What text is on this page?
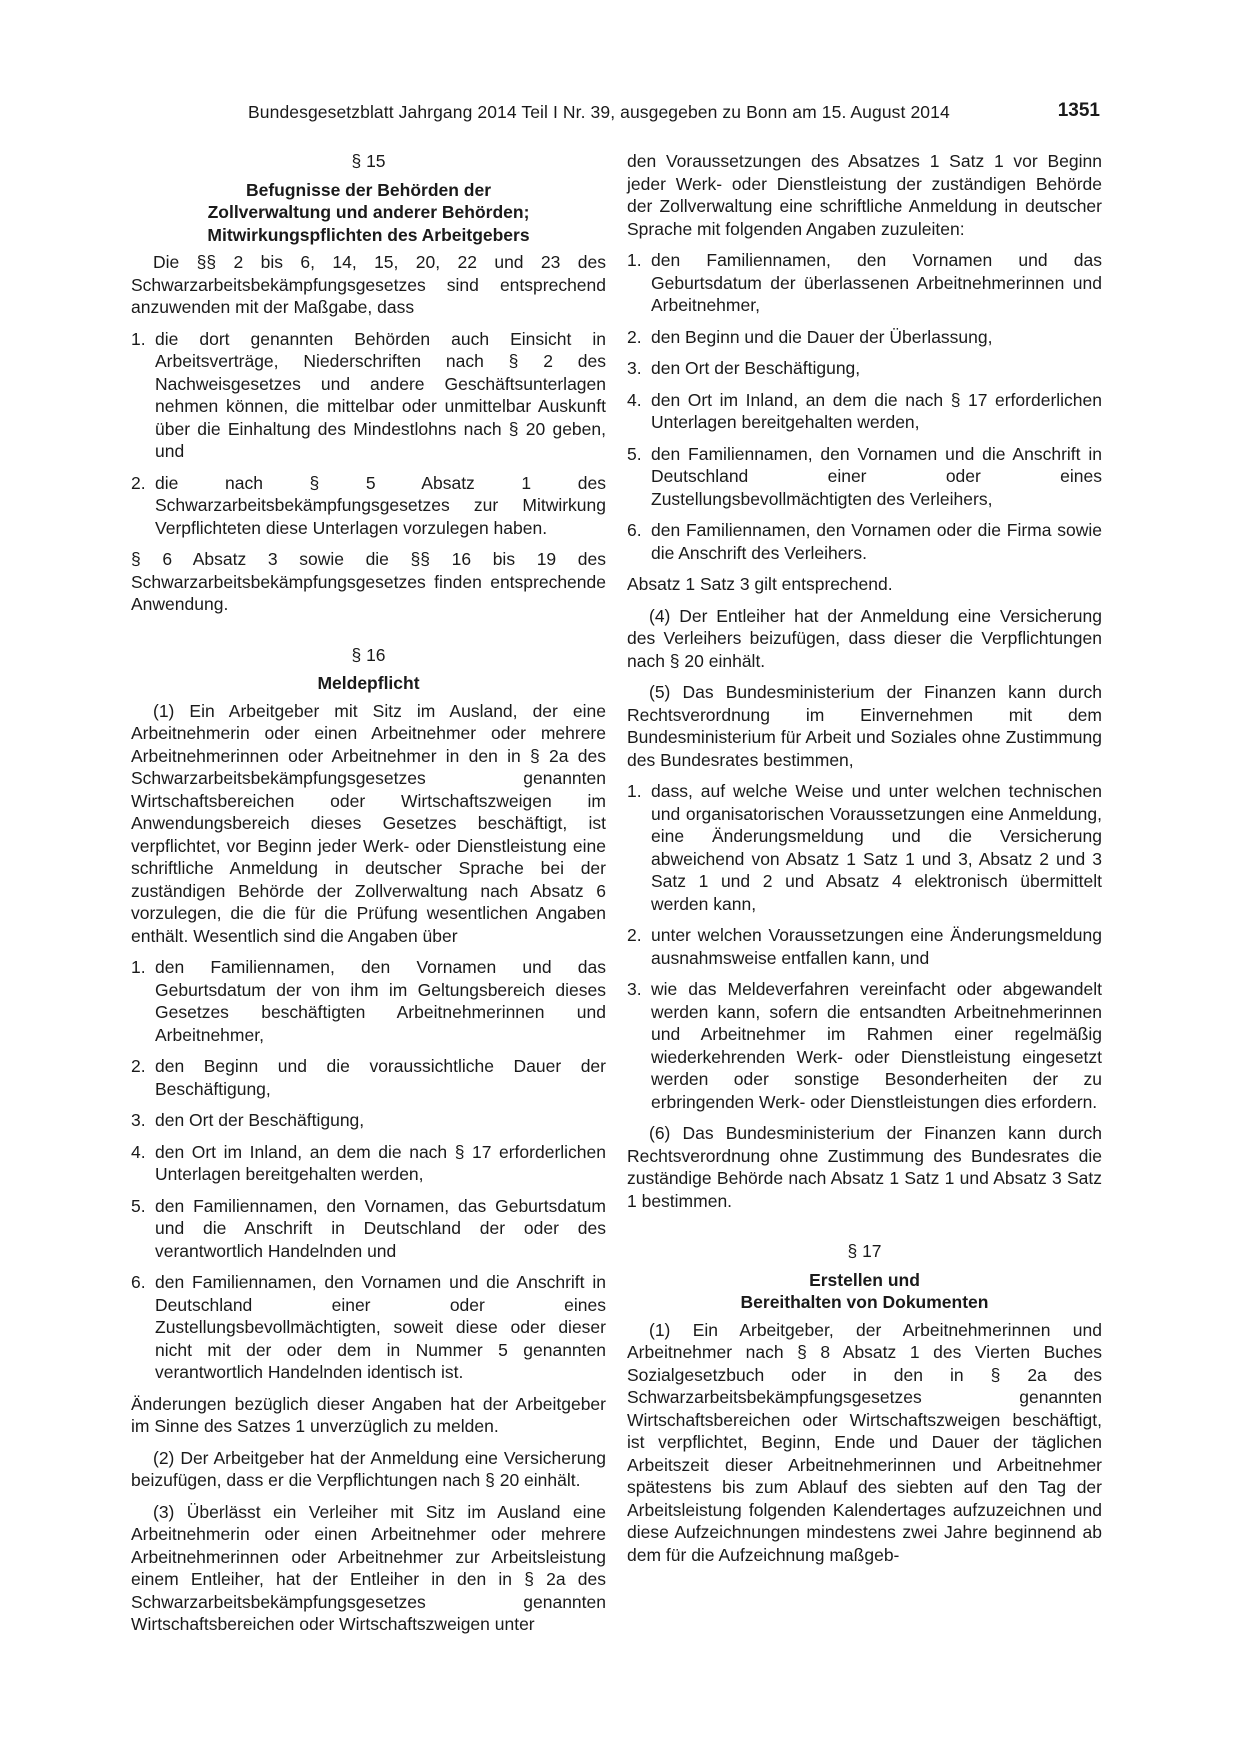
Bundesgesetzblatt Jahrgang 2014 Teil I Nr. 39, ausgegeben zu Bonn am 15. August 2014	1351
§ 15
Befugnisse der Behörden der
Zollverwaltung und anderer Behörden;
Mitwirkungspflichten des Arbeitgebers

Die §§ 2 bis 6, 14, 15, 20, 22 und 23 des Schwarzarbeitsbekämpfungsgesetzes sind entsprechend anzuwenden mit der Maßgabe, dass

1. die dort genannten Behörden auch Einsicht in Arbeitsverträge, Niederschriften nach § 2 des Nachweisgesetzes und andere Geschäftsunterlagen nehmen können, die mittelbar oder unmittelbar Auskunft über die Einhaltung des Mindestlohns nach § 20 geben, und
2. die nach § 5 Absatz 1 des Schwarzarbeitsbekämpfungsgesetzes zur Mitwirkung Verpflichteten diese Unterlagen vorzulegen haben.

§ 6 Absatz 3 sowie die §§ 16 bis 19 des Schwarzarbeitsbekämpfungsgesetzes finden entsprechende Anwendung.

§ 16
Meldepflicht

(1) Ein Arbeitgeber mit Sitz im Ausland, der eine Arbeitnehmerin oder einen Arbeitnehmer oder mehrere Arbeitnehmerinnen oder Arbeitnehmer in den in § 2a des Schwarzarbeitsbekämpfungsgesetzes genannten Wirtschaftsbereichen oder Wirtschaftszweigen im Anwendungsbereich dieses Gesetzes beschäftigt, ist verpflichtet, vor Beginn jeder Werk- oder Dienstleistung eine schriftliche Anmeldung in deutscher Sprache bei der zuständigen Behörde der Zollverwaltung nach Absatz 6 vorzulegen, die die für die Prüfung wesentlichen Angaben enthält. Wesentlich sind die Angaben über

1. den Familiennamen, den Vornamen und das Geburtsdatum der von ihm im Geltungsbereich dieses Gesetzes beschäftigten Arbeitnehmerinnen und Arbeitnehmer,
2. den Beginn und die voraussichtliche Dauer der Beschäftigung,
3. den Ort der Beschäftigung,
4. den Ort im Inland, an dem die nach § 17 erforderlichen Unterlagen bereitgehalten werden,
5. den Familiennamen, den Vornamen, das Geburtsdatum und die Anschrift in Deutschland der oder des verantwortlich Handelnden und
6. den Familiennamen, den Vornamen und die Anschrift in Deutschland einer oder eines Zustellungsbevollmächtigten, soweit diese oder dieser nicht mit der oder dem in Nummer 5 genannten verantwortlich Handelnden identisch ist.

Änderungen bezüglich dieser Angaben hat der Arbeitgeber im Sinne des Satzes 1 unverzüglich zu melden.

(2) Der Arbeitgeber hat der Anmeldung eine Versicherung beizufügen, dass er die Verpflichtungen nach § 20 einhält.

(3) Überlässt ein Verleiher mit Sitz im Ausland eine Arbeitnehmerin oder einen Arbeitnehmer oder mehrere Arbeitnehmerinnen oder Arbeitnehmer zur Arbeitsleistung einem Entleiher, hat der Entleiher in den in § 2a des Schwarzarbeitsbekämpfungsgesetzes genannten Wirtschaftsbereichen oder Wirtschaftszweigen unter

den Voraussetzungen des Absatzes 1 Satz 1 vor Beginn jeder Werk- oder Dienstleistung der zuständigen Behörde der Zollverwaltung eine schriftliche Anmeldung in deutscher Sprache mit folgenden Angaben zuzuleiten:

1. den Familiennamen, den Vornamen und das Geburtsdatum der überlassenen Arbeitnehmerinnen und Arbeitnehmer,
2. den Beginn und die Dauer der Überlassung,
3. den Ort der Beschäftigung,
4. den Ort im Inland, an dem die nach § 17 erforderlichen Unterlagen bereitgehalten werden,
5. den Familiennamen, den Vornamen und die Anschrift in Deutschland einer oder eines Zustellungsbevollmächtigten des Verleihers,
6. den Familiennamen, den Vornamen oder die Firma sowie die Anschrift des Verleihers.

Absatz 1 Satz 3 gilt entsprechend.

(4) Der Entleiher hat der Anmeldung eine Versicherung des Verleihers beizufügen, dass dieser die Verpflichtungen nach § 20 einhält.

(5) Das Bundesministerium der Finanzen kann durch Rechtsverordnung im Einvernehmen mit dem Bundesministerium für Arbeit und Soziales ohne Zustimmung des Bundesrates bestimmen,

1. dass, auf welche Weise und unter welchen technischen und organisatorischen Voraussetzungen eine Anmeldung, eine Änderungsmeldung und die Versicherung abweichend von Absatz 1 Satz 1 und 3, Absatz 2 und 3 Satz 1 und 2 und Absatz 4 elektronisch übermittelt werden kann,
2. unter welchen Voraussetzungen eine Änderungsmeldung ausnahmsweise entfallen kann, und
3. wie das Meldeverfahren vereinfacht oder abgewandelt werden kann, sofern die entsandten Arbeitnehmerinnen und Arbeitnehmer im Rahmen einer regelmäßig wiederkehrenden Werk- oder Dienstleistung eingesetzt werden oder sonstige Besonderheiten der zu erbringenden Werk- oder Dienstleistungen dies erfordern.

(6) Das Bundesministerium der Finanzen kann durch Rechtsverordnung ohne Zustimmung des Bundesrates die zuständige Behörde nach Absatz 1 Satz 1 und Absatz 3 Satz 1 bestimmen.

§ 17
Erstellen und
Bereithalten von Dokumenten

(1) Ein Arbeitgeber, der Arbeitnehmerinnen und Arbeitnehmer nach § 8 Absatz 1 des Vierten Buches Sozialgesetzbuch oder in den in § 2a des Schwarzarbeitsbekämpfungsgesetzes genannten Wirtschaftsbereichen oder Wirtschaftszweigen beschäftigt, ist verpflichtet, Beginn, Ende und Dauer der täglichen Arbeitszeit dieser Arbeitnehmerinnen und Arbeitnehmer spätestens bis zum Ablauf des siebten auf den Tag der Arbeitsleistung folgenden Kalendertages aufzuzeichnen und diese Aufzeichnungen mindestens zwei Jahre beginnend ab dem für die Aufzeichnung maßgeb-
